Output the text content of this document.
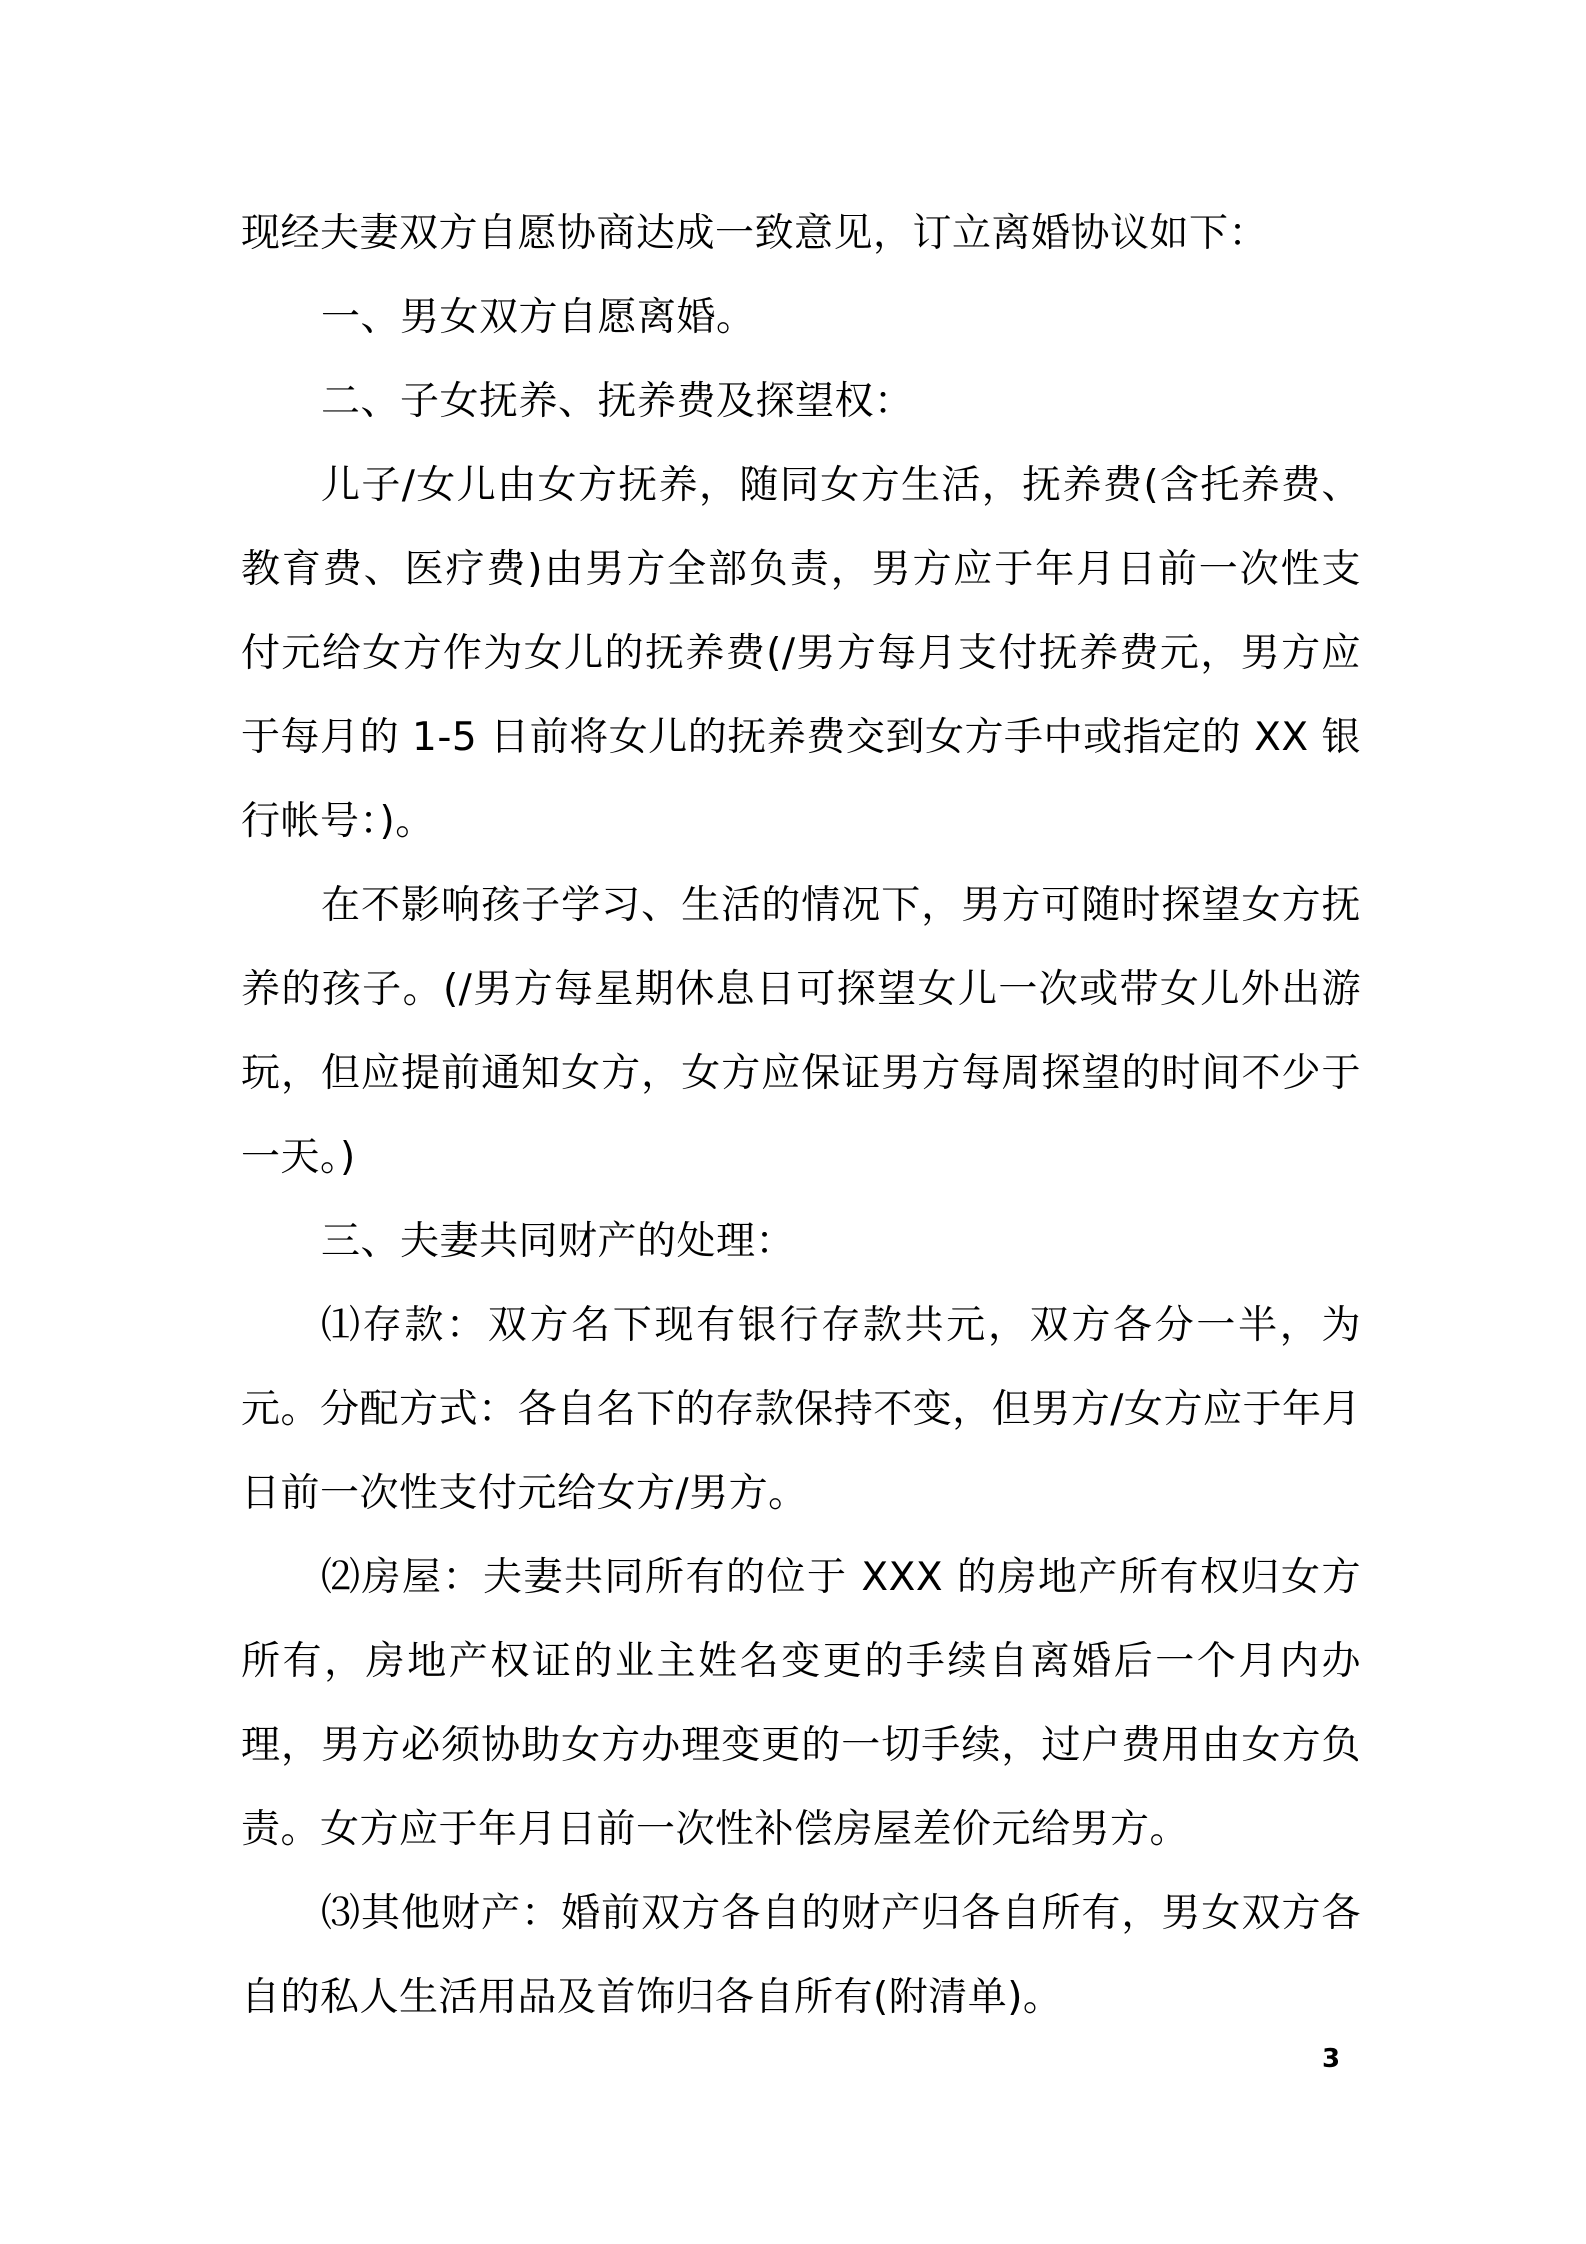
现经夫妻双方自愿协商达成一致意见，订立离婚协议如下：

一、男女双方自愿离婚。

二、子女抚养、抚养费及探望权：

儿子/女儿由女方抚养，随同女方生活，抚养费(含托养费、教育费、医疗费)由男方全部负责，男方应于年月日前一次性支付元给女方作为女儿的抚养费(/男方每月支付抚养费元，男方应于每月的 1-5 日前将女儿的抚养费交到女方手中或指定的 XX 银行帐号：)。

在不影响孩子学习、生活的情况下，男方可随时探望女方抚养的孩子。(/男方每星期休息日可探望女儿一次或带女儿外出游玩，但应提前通知女方，女方应保证男方每周探望的时间不少于一天。)

三、夫妻共同财产的处理：

⑴存款：双方名下现有银行存款共元，双方各分一半，为元。分配方式：各自名下的存款保持不变，但男方/女方应于年月日前一次性支付元给女方/男方。

⑵房屋：夫妻共同所有的位于 XXX 的房地产所有权归女方所有，房地产权证的业主姓名变更的手续自离婚后一个月内办理，男方必须协助女方办理变更的一切手续，过户费用由女方负责。女方应于年月日前一次性补偿房屋差价元给男方。

⑶其他财产：婚前双方各自的财产归各自所有，男女双方各自的私人生活用品及首饰归各自所有(附清单)。

3
